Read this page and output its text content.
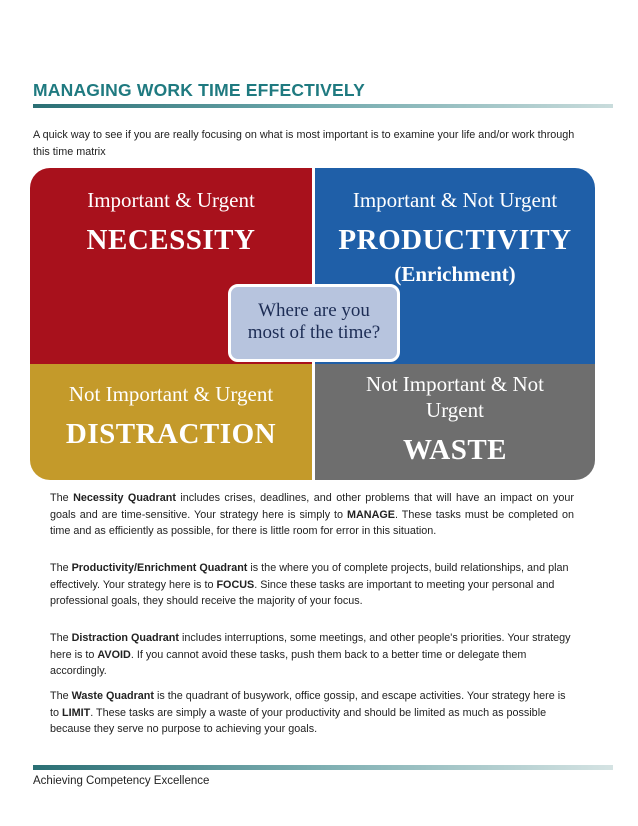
MANAGING WORK TIME EFFECTIVELY
A quick way to see if you are really focusing on what is most important is to examine your life and/or work through this time matrix
Important & Urgent
NECESSITY
Important & Not Urgent
PRODUCTIVITY
(Enrichment)
Not Important & Urgent
DISTRACTION
Not Important & Not
Urgent
WASTE
Where are you
most of the time?
The Necessity Quadrant includes crises, deadlines, and other problems that will have an impact on your goals and are time-sensitive. Your strategy here is simply to MANAGE. These tasks must be completed on time and as efficiently as possible, for there is little room for error in this situation.
The Productivity/Enrichment Quadrant is the where you of complete projects, build relationships, and plan effectively. Your strategy here is to FOCUS. Since these tasks are important to meeting your personal and professional goals, they should receive the majority of your focus.
The Distraction Quadrant includes interruptions, some meetings, and other people's priorities. Your strategy here is to AVOID. If you cannot avoid these tasks, push them back to a better time or delegate them accordingly.
The Waste Quadrant is the quadrant of busywork, office gossip, and escape activities. Your strategy here is to LIMIT. These tasks are simply a waste of your productivity and should be limited as much as possible because they serve no purpose to achieving your goals.
Achieving Competency Excellence
